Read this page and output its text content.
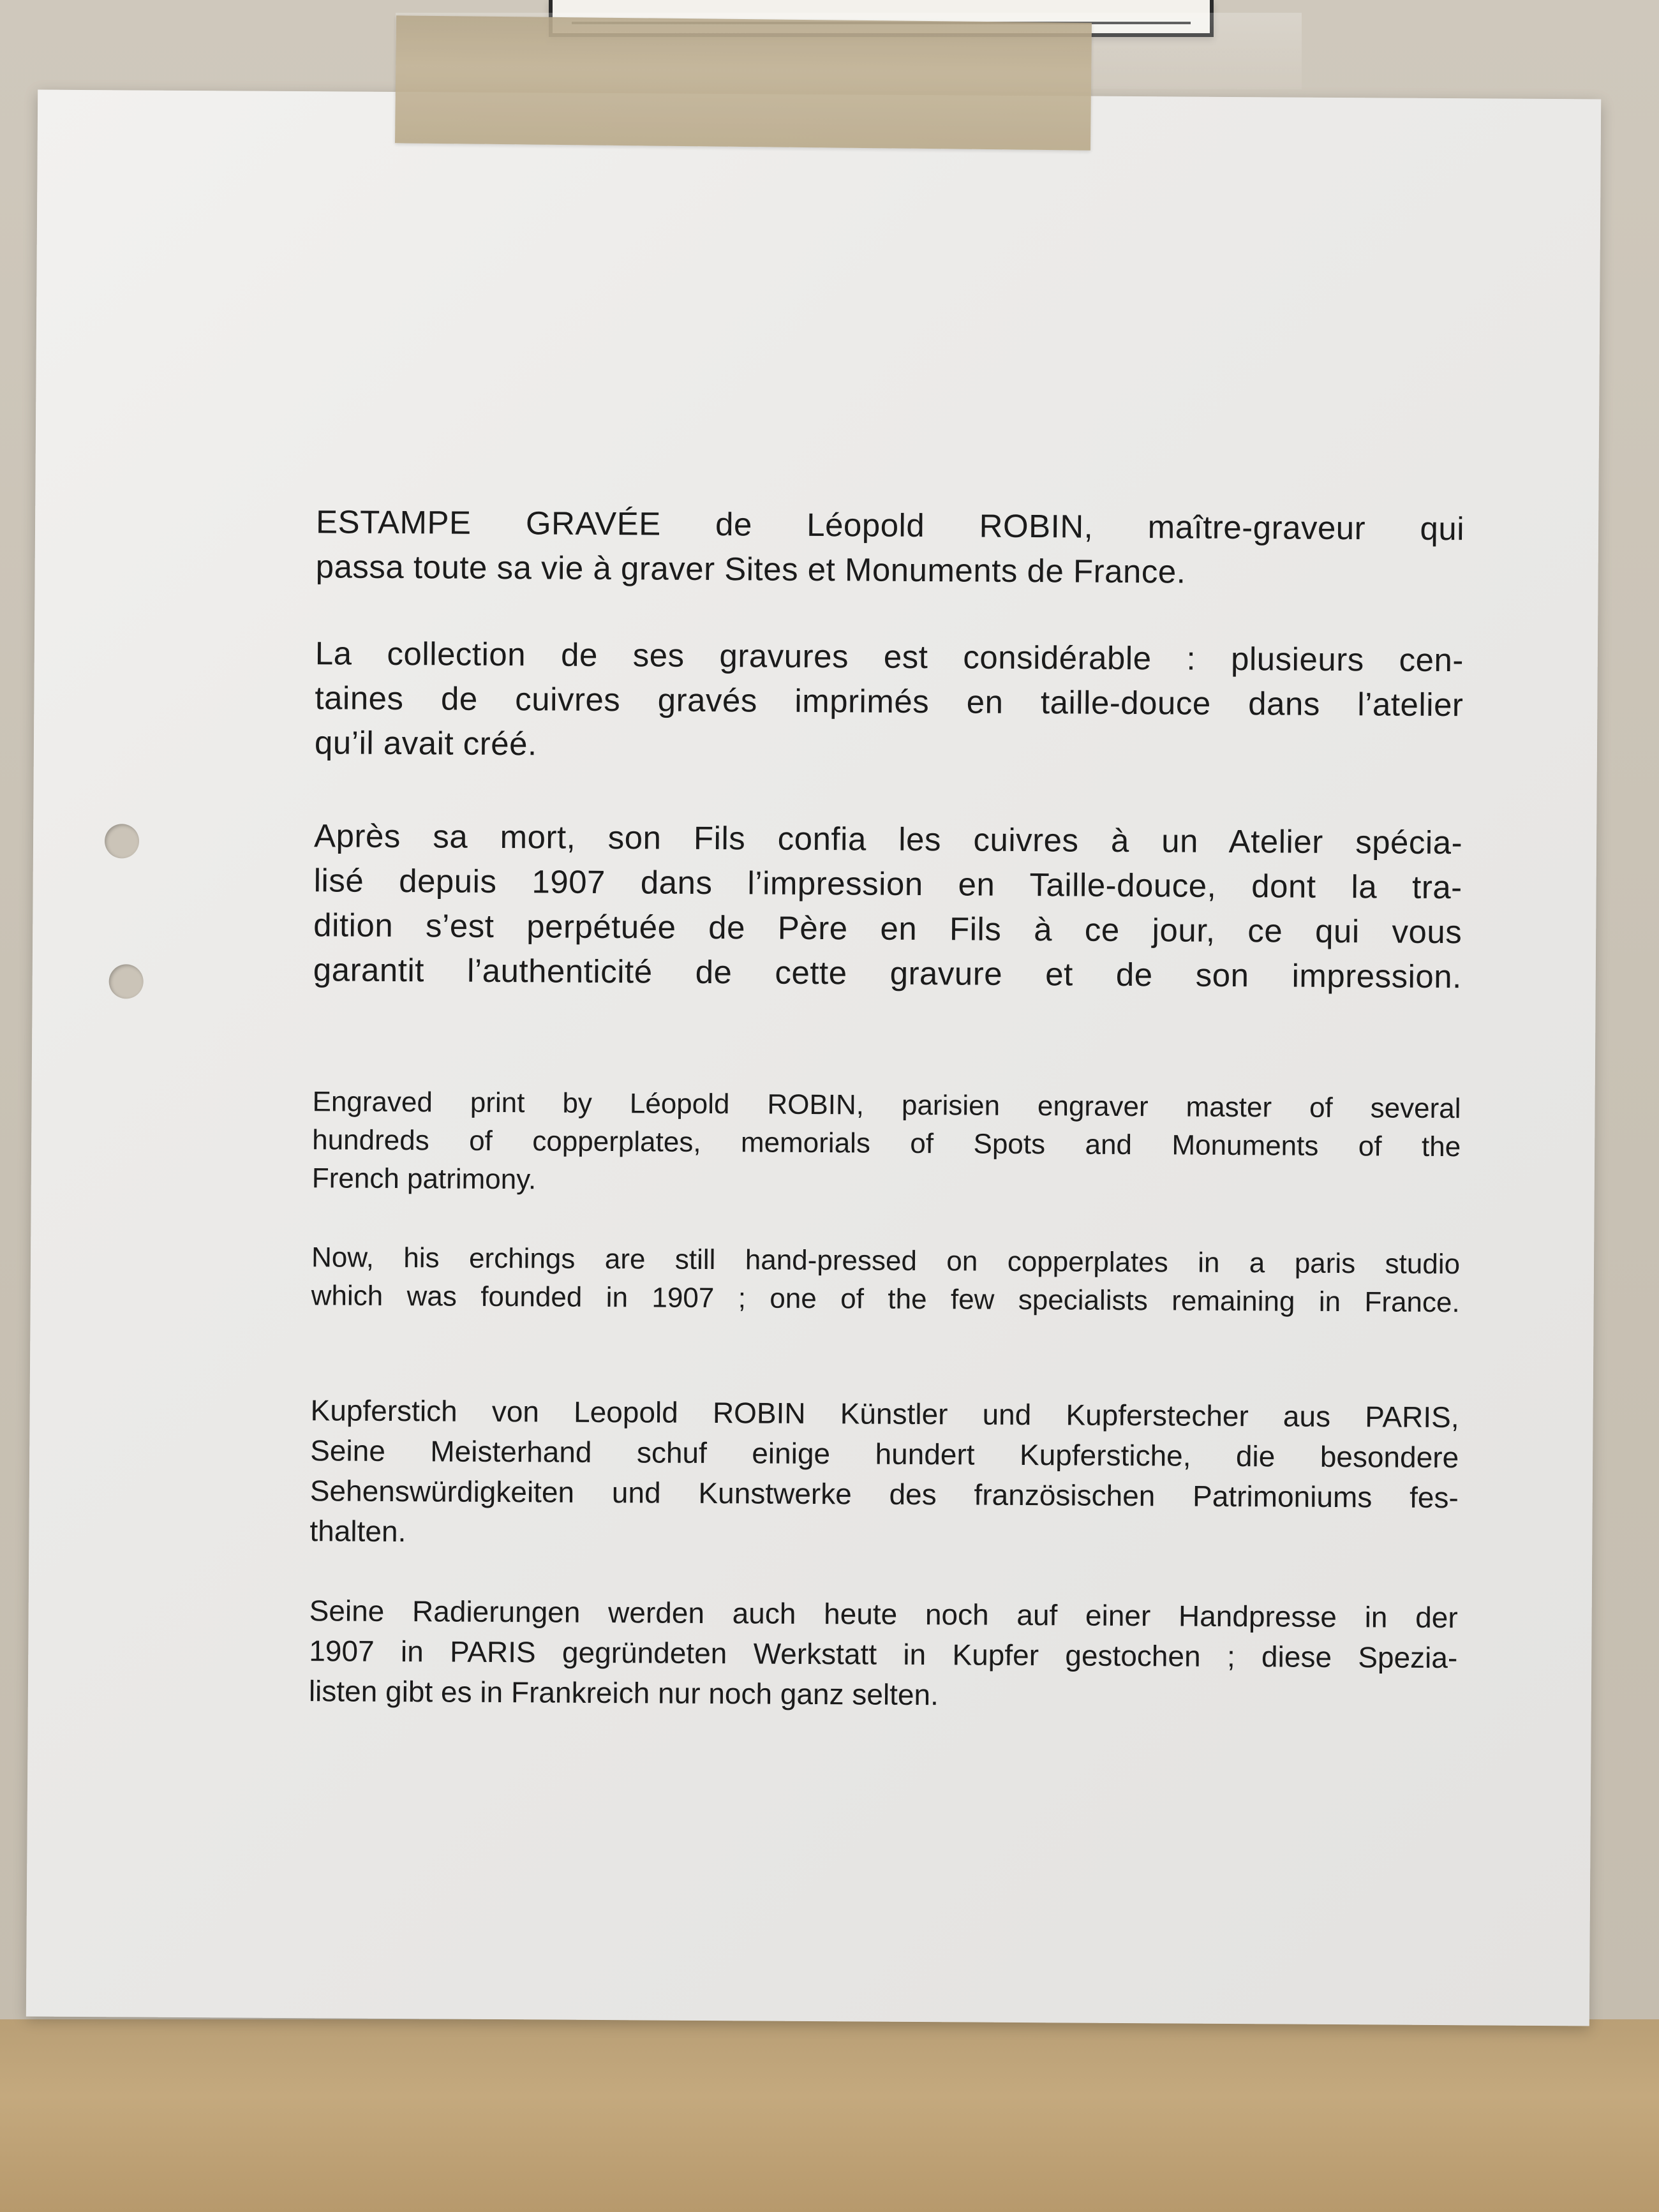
ESTAMPE GRAVÉE de Léopold ROBIN, maître-graveur qui
passa toute sa vie à graver Sites et Monuments de France.

La collection de ses gravures est considérable : plusieurs cen-
taines de cuivres gravés imprimés en taille-douce dans l’atelier
qu’il avait créé.

Après sa mort, son Fils confia les cuivres à un Atelier spécia-
lisé depuis 1907 dans l’impression en Taille-douce, dont la tra-
dition s’est perpétuée de Père en Fils à ce jour, ce qui vous
garantit l’authenticité de cette gravure et de son impression.

Engraved print by Léopold ROBIN, parisien engraver master of several
hundreds of copperplates, memorials of Spots and Monuments of the
French patrimony.

Now, his erchings are still hand-pressed on copperplates in a paris studio
which was founded in 1907 ; one of the few specialists remaining in France.

Kupferstich von Leopold ROBIN Künstler und Kupferstecher aus PARIS,
Seine Meisterhand schuf einige hundert Kupferstiche, die besondere
Sehenswürdigkeiten und Kunstwerke des französischen Patrimoniums fes-
thalten.

Seine Radierungen werden auch heute noch auf einer Handpresse in der
1907 in PARIS gegründeten Werkstatt in Kupfer gestochen ; diese Spezia-
listen gibt es in Frankreich nur noch ganz selten.
